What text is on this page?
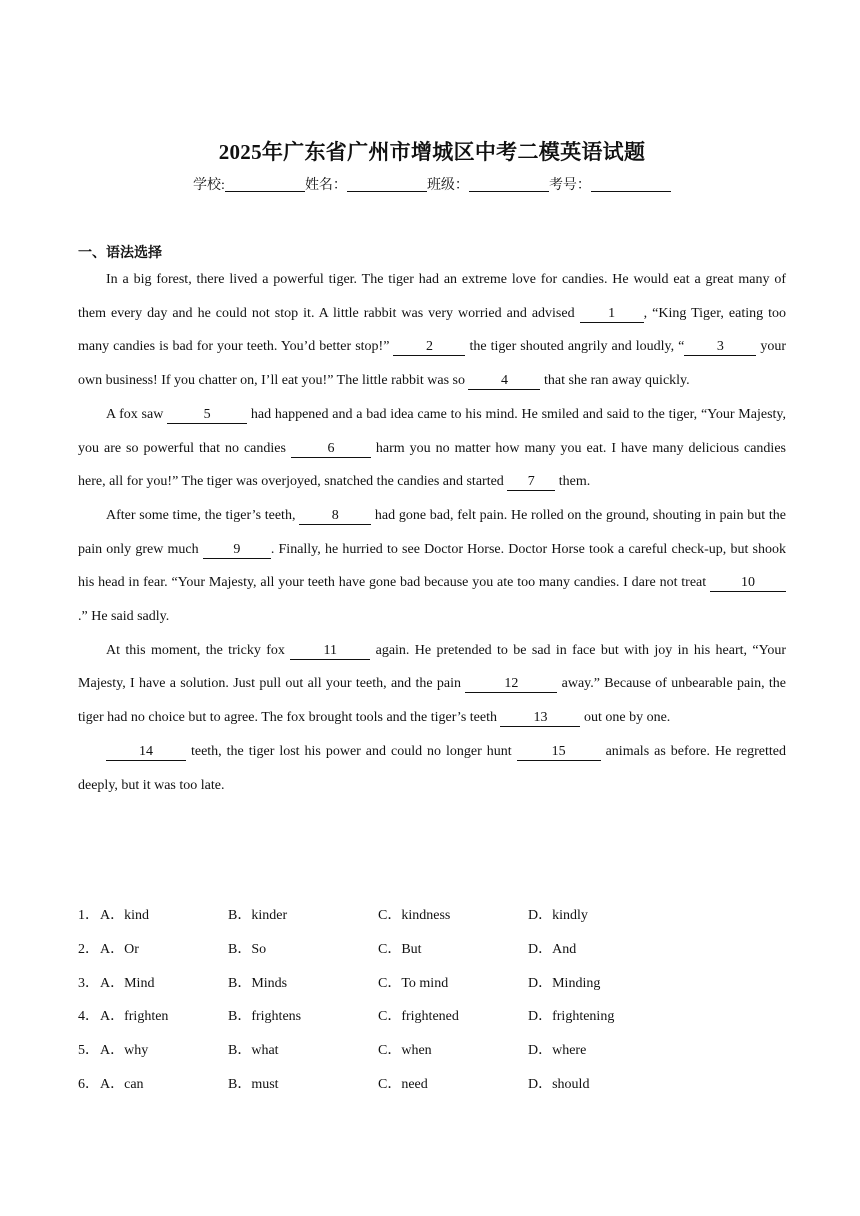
2025年广东省广州市增城区中考二模英语试题
学校:	姓名：	班级：	考号：
一、语法选择

In a big forest, there lived a powerful tiger. The tiger had an extreme love for candies. He would eat a great many of them every day and he could not stop it. A little rabbit was very worried and advised 1 , “King Tiger, eating too many candies is bad for your teeth. You’d better stop!” 2 the tiger shouted angrily and loudly, “ 3 your own business! If you chatter on, I’ll eat you!” The little rabbit was so 4 that she ran away quickly.

A fox saw	5	had happened and a bad idea came to his mind. He smiled and said to the tiger, “Your Majesty, you are so powerful that no candies	6	harm you no matter how many you eat. I have many delicious candies here, all for you!” The tiger was overjoyed, snatched the candies and started 7 them.

After some time, the tiger’s teeth, 8 had gone bad, felt pain. He rolled on the ground, shouting in pain but the pain only grew much 9 . Finally, he hurried to see Doctor Horse. Doctor Horse took a careful check-up, but shook his head in fear. “Your Majesty, all your teeth have gone bad because you ate too many candies. I dare not treat 10.” He said sadly.

At this moment, the tricky fox 11 again. He pretended to be sad in face but with joy in his heart, “Your Majesty, I have a solution. Just pull out all your teeth, and the pain	12	away.” Because of unbearable pain, the tiger had no choice but to agree. The fox brought tools and the tiger’s teeth 13 out one by one.

14 teeth, the tiger lost his power and could no longer hunt	15	animals as before. He regretted deeply, but it was too late.

1． A．kind	B．kinder	C．kindness	D．kindly
2． A．Or	B．So	C．But	D．And
3． A．Mind	B．Minds	C．To mind	D．Minding
4． A．frighten	B．frightens	C．frightened	D．frightening
5． A．why	B．what	C．when	D．where
6． A．can	B．must	C．need	D．should
